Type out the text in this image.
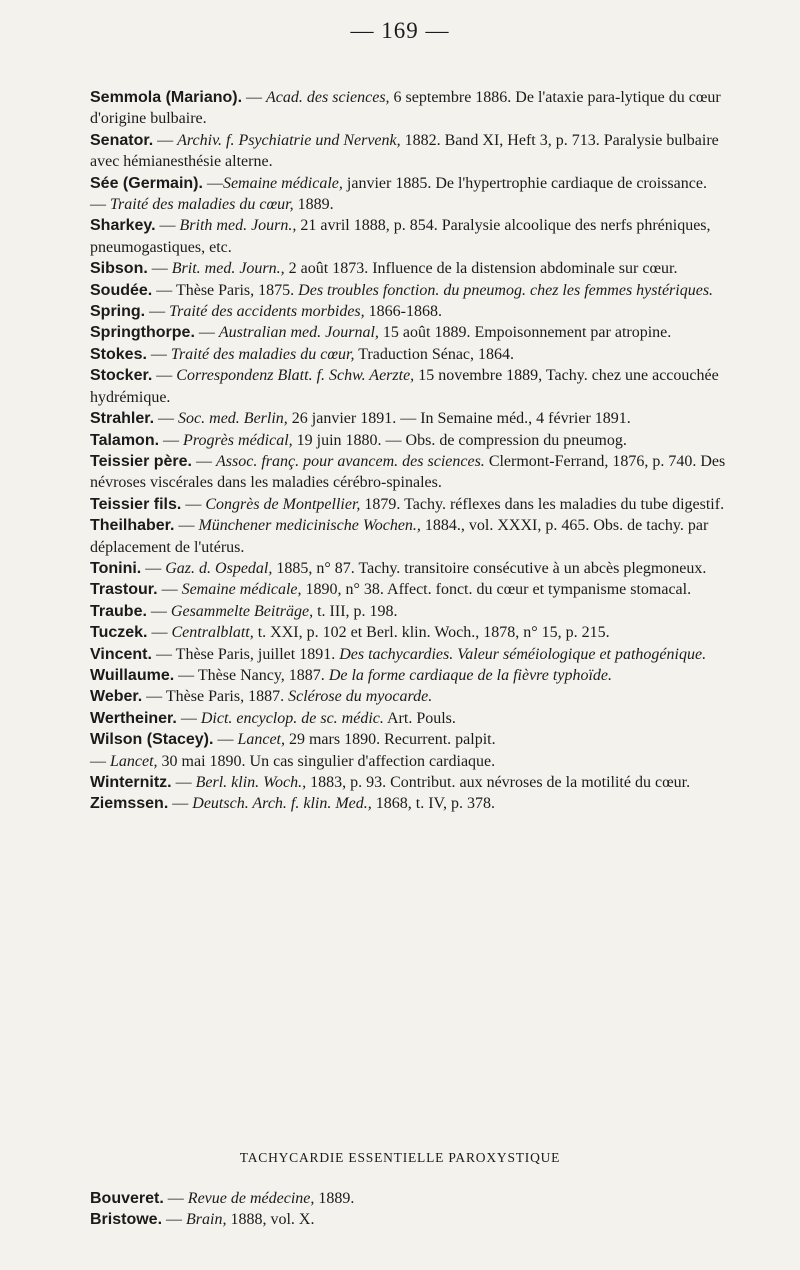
— 169 —

Semmola (Mariano). — Acad. des sciences, 6 septembre 1886. De l'ataxie para-lytique du cœur d'origine bulbaire.

Senator. — Archiv. f. Psychiatrie und Nervenk, 1882. Band XI, Heft 3, p. 713. Paralysie bulbaire avec hémianesthésie alterne.

Sée (Germain). —Semaine médicale, janvier 1885. De l'hypertrophie cardiaque de croissance.

— Traité des maladies du cœur, 1889.

Sharkey. — Brith med. Journ., 21 avril 1888, p. 854. Paralysie alcoolique des nerfs phréniques, pneumogastiques, etc.

Sibson. — Brit. med. Journ., 2 août 1873. Influence de la distension abdominale sur cœur.

Soudée. — Thèse Paris, 1875. Des troubles fonction. du pneumog. chez les femmes hystériques.

Spring. — Traité des accidents morbides, 1866-1868.

Springthorpe. — Australian med. Journal, 15 août 1889. Empoisonnement par atropine.

Stokes. — Traité des maladies du cœur, Traduction Sénac, 1864.

Stocker. — Correspondenz Blatt. f. Schw. Aerzte, 15 novembre 1889, Tachy. chez une accouchée hydrémique.

Strahler. — Soc. med. Berlin, 26 janvier 1891. — In Semaine méd., 4 février 1891.

Talamon. — Progrès médical, 19 juin 1880. — Obs. de compression du pneumog.

Teissier père. — Assoc. franç. pour avancem. des sciences. Clermont-Ferrand, 1876, p. 740. Des névroses viscérales dans les maladies cérébro-spinales.

Teissier fils. — Congrès de Montpellier, 1879. Tachy. réflexes dans les maladies du tube digestif.

Theilhaber. — Münchener medicinische Wochen., 1884., vol. XXXI, p. 465. Obs. de tachy. par déplacement de l'utérus.

Tonini. — Gaz. d. Ospedal, 1885, n° 87. Tachy. transitoire consécutive à un abcès plegmoneux.

Trastour. — Semaine médicale, 1890, n° 38. Affect. fonct. du cœur et tympanisme stomacal.

Traube. — Gesammelte Beiträge, t. III, p. 198.

Tuczek. — Centralblatt, t. XXI, p. 102 et Berl. klin. Woch., 1878, n° 15, p. 215.

Vincent. — Thèse Paris, juillet 1891. Des tachycardies. Valeur séméiologique et pathogénique.

Wuillaume. — Thèse Nancy, 1887. De la forme cardiaque de la fièvre typhoïde.

Weber. — Thèse Paris, 1887. Sclérose du myocarde.

Wertheiner. — Dict. encyclop. de sc. médic. Art. Pouls.

Wilson (Stacey). — Lancet, 29 mars 1890. Recurrent. palpit.

— Lancet, 30 mai 1890. Un cas singulier d'affection cardiaque.

Winternitz. — Berl. klin. Woch., 1883, p. 93. Contribut. aux névroses de la motilité du cœur.

Ziemssen. — Deutsch. Arch. f. klin. Med., 1868, t. IV, p. 378.

TACHYCARDIE ESSENTIELLE PAROXYSTIQUE

Bouveret. — Revue de médecine, 1889.

Bristowe. — Brain, 1888, vol. X.
